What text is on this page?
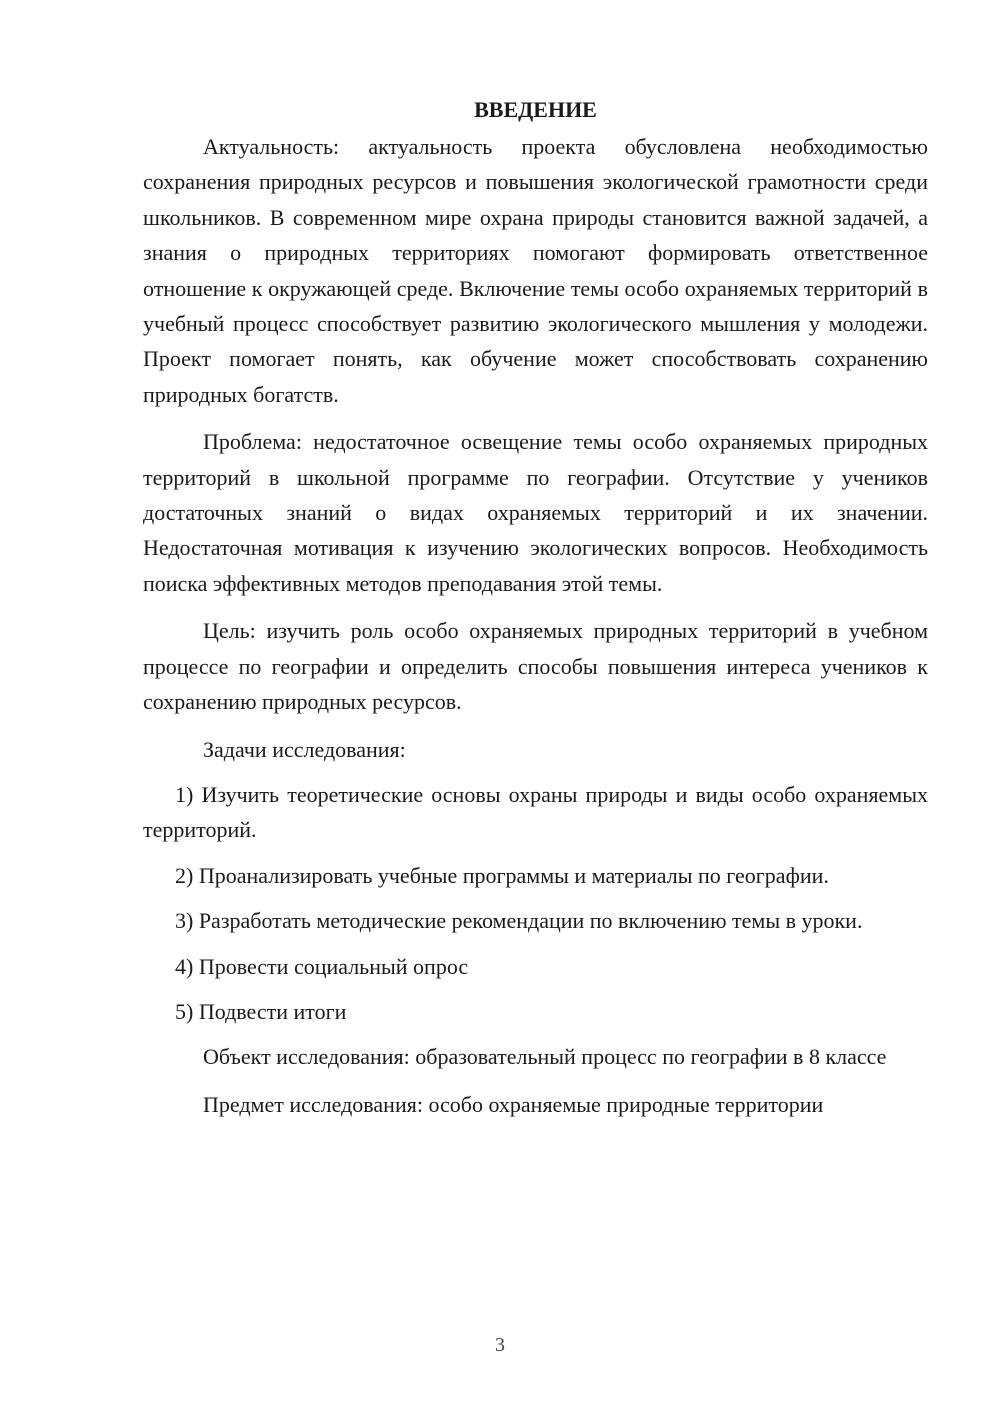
ВВЕДЕНИЕ

Актуальность: актуальность проекта обусловлена необходимостью сохранения природных ресурсов и повышения экологической грамотности среди школьников. В современном мире охрана природы становится важной задачей, а знания о природных территориях помогают формировать ответственное отношение к окружающей среде. Включение темы особо охраняемых территорий в учебный процесс способствует развитию экологического мышления у молодежи. Проект помогает понять, как обучение может способствовать сохранению природных богатств.

Проблема: недостаточное освещение темы особо охраняемых природных территорий в школьной программе по географии. Отсутствие у учеников достаточных знаний о видах охраняемых территорий и их значении. Недостаточная мотивация к изучению экологических вопросов. Необходимость поиска эффективных методов преподавания этой темы.

Цель: изучить роль особо охраняемых природных территорий в учебном процессе по географии и определить способы повышения интереса учеников к сохранению природных ресурсов.

Задачи исследования:

1) Изучить теоретические основы охраны природы и виды особо охраняемых территорий.

2) Проанализировать учебные программы и материалы по географии.

3) Разработать методические рекомендации по включению темы в уроки.

4) Провести социальный опрос

5) Подвести итоги

Объект исследования: образовательный процесс по географии в 8 классе

Предмет исследования: особо охраняемые природные территории

3
